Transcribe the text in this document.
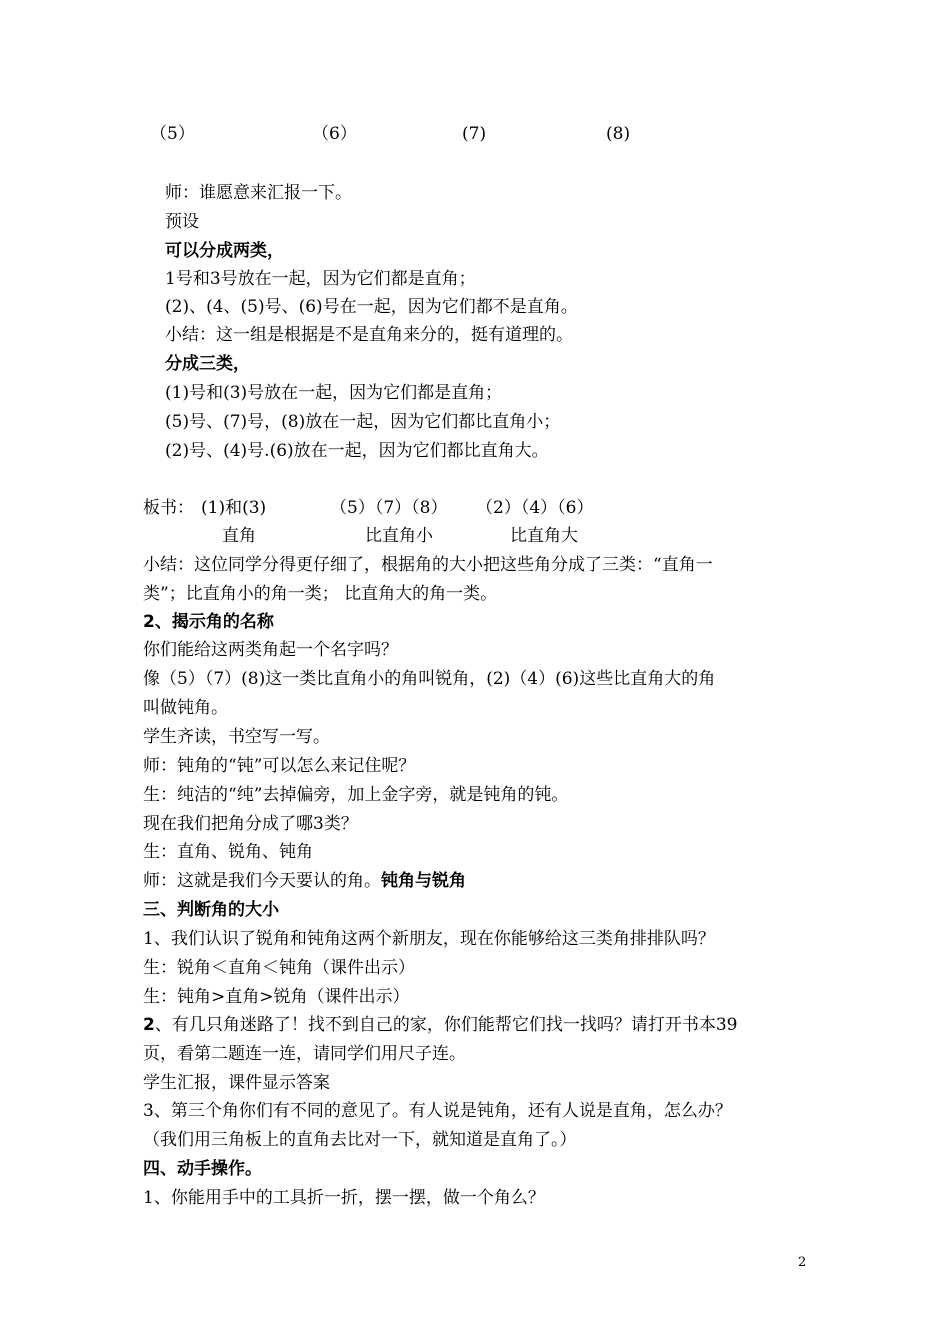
（5）	（6）	(7)	(8)
师：谁愿意来汇报一下。
预设
可以分成两类，
1号和3号放在一起，因为它们都是直角；
(2)、(4、(5)号、(6)号在一起，因为它们都不是直角。
小结：这一组是根据是不是直角来分的，挺有道理的。
分成三类，
(1)号和(3)号放在一起，因为它们都是直角；
(5)号、(7)号，(8)放在一起，因为它们都比直角小；
(2)号、(4)号.(6)放在一起，因为它们都比直角大。
板书： (1)和(3)	（5）（7）（8） （2）（4）（6）
直角	比直角小	比直角大
小结：这位同学分得更仔细了，根据角的大小把这些角分成了三类：“直角一
类”；比直角小的角一类； 比直角大的角一类。
2、揭示角的名称
你们能给这两类角起一个名字吗？
像（5）（7）(8)这一类比直角小的角叫锐角，(2)（4）(6)这些比直角大的角
叫做钝角。
学生齐读，书空写一写。
师：钝角的“钝”可以怎么来记住呢？
生：纯洁的“纯”去掉偏旁，加上金字旁，就是钝角的钝。
现在我们把角分成了哪3类？
生：直角、锐角、钝角
师：这就是我们今天要认的角。钝角与锐角
三、判断角的大小
1、我们认识了锐角和钝角这两个新朋友，现在你能够给这三类角排排队吗？
生：锐角＜直角＜钝角（课件出示）
生：钝角>直角>锐角（课件出示）
2、有几只角迷路了！找不到自己的家，你们能帮它们找一找吗？请打开书本39
页，看第二题连一连，请同学们用尺子连。
学生汇报，课件显示答案
3、第三个角你们有不同的意见了。有人说是钝角，还有人说是直角，怎么办？
（我们用三角板上的直角去比对一下，就知道是直角了。）
四、动手操作。
1、你能用手中的工具折一折，摆一摆，做一个角么？
2
